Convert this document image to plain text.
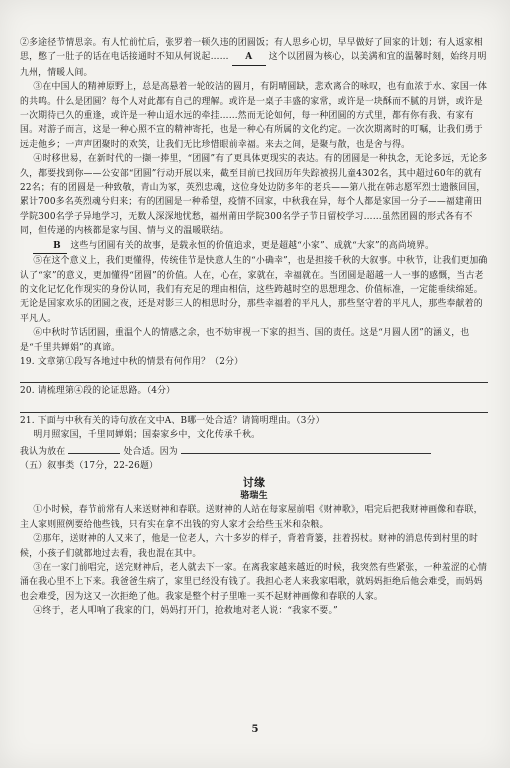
②多途径节情思亲。有人忙前忙后，张罗着一顿久违的团圆饭；有人思乡心切，早早做好了回家的计划；有人返家相思，憋了一肚子的话在电话接通时不知从何说起…… A 这个以团圆为核心，以美满和宜的温馨时刻，始终月明九州，情暖人间。

③在中国人的精神原野上，总是高悬着一轮皎洁的圆月，有阴晴圆缺，悲欢离合的咏叹，也有血浓于水、家国一体的共鸣。什么是团圆？每个人对此都有自己的理解。或许是一桌子丰盛的家常，或许是一块酥而不腻的月饼，或许是一次期待已久的重逢，或许是一种山迢水远的牵挂……然而无论如何，每一种团圆的方式里，都有你有我、有家有国。对游子而言，这是一种心照不宣的精神寄托，也是一种心有所属的文化约定。一次次期离时的叮嘱，让我们勇于远走他乡；一声声团聚时的欢笑，让我们无比珍惜眼前幸福。来去之间，是聚与散，也是舍与得。

④时移世易，在新时代的一撷一捧里，“团圆”有了更具体更现实的表达。有的团圆是一种执念，无论多远，无论多久，都要找到你——公安部“团圆”行动开展以来，截至目前已找回历年失踪被拐儿童4302名，其中超过60年的就有22名；有的团圆是一种致敬，青山为冢，英烈忠魂，这位身处边防多年的老兵——第八批在韩志愿军烈士遗骸回国，累计700多名英烈魂兮归来；有的团圆是一种希望，疫情不回家，中秋我在异，每个人都是家国一分子——福建莆田学院300名学子异地学习，无数人深深地忧愁，福州莆田学院300名学子节日留校学习……虽然团圆的形式各有不同，但传递的内核都是家与国、情与义的温暖联结。

B 这些与团圆有关的故事，是载永恒的价值追求，更是超越“小家”、成就“大家”的高尚境界。

⑤在这个意义上，我们更懂得，传统佳节是快意人生的“小确幸”，也是担接千秋的大叙事。中秋节，让我们更加确认了“家”的意义，更加懂得“团圆”的价值。人在，心在，家就在，幸福就在。当团圆是超越一人一事的感慨，当古老的文化记忆化作现实的身份认同，我们有充足的理由相信，这些跨越时空的思想理念、价值标准，一定能垂续绵延。无论是国家欢乐的团圆之夜，还是对影三人的相思时分，那些幸福着的平凡人，那些坚守着的平凡人，那些奉献着的平凡人。

⑥中秋时节话团圆，重温个人的情感之余，也不妨审视一下家的担当、国的责任。这是“月圆人团”的涵义，也是“千里共婵娟”的真谛。

19. 文章第①段写各地过中秋的情景有何作用？（2分）

20. 请梳理第④段的论证思路。（4分）

21. 下面与中秋有关的诗句放在文中A、B哪一处合适？请简明理由。（3分）

明月照家国，千里同婵娟；国泰家乡中，文化传承千秋。

我认为放在	处合适。因为

（五）叙事类（17分，22-26题）

讨缘
骆瑞生

①小时候，春节前常有人来送财神和春联。送财神的人站在每家屋前唱《财神歌》，唱完后把我财神画像和春联，主人家则照例要给他些钱，只有实在拿不出钱的穷人家才会给些玉米和杂粮。

②那年，送财神的人又来了，他是一位老人，六十多岁的样子，背着背篓，拄着拐杖。财神的消息传到村里的时候，小孩子们就都地过去看，我也混在其中。

③在一家门前唱完，送完财神后，老人就去下一家。在离我家越来越近的时候，我突然有些紧张，一种羞涩的心情涌在我心里不上下来。我爸爸生病了，家里已经没有钱了。我担心老人来我家唱歌，就妈妈拒绝后他会难受，而妈妈也会难受，因为这又一次拒绝了他。我家是整个村子里唯一买不起财神画像和春联的人家。

④终于，老人叩响了我家的门，妈妈打开门，抢救地对老人说：“我家不要。”

5
